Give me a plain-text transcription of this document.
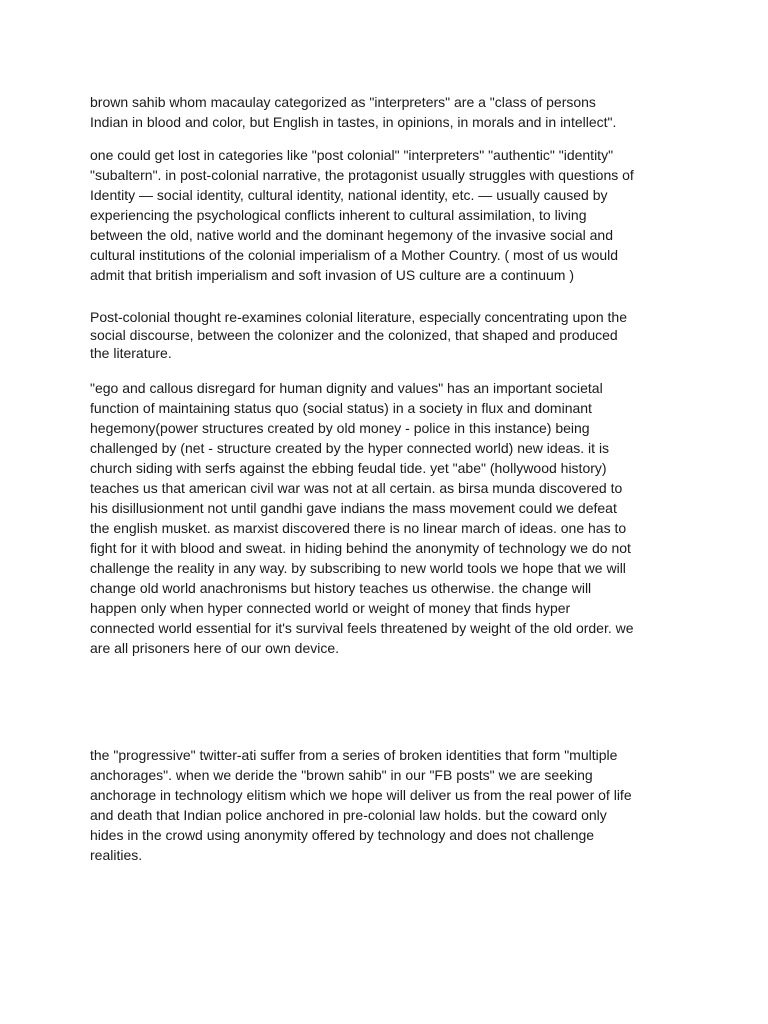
brown sahib whom macaulay categorized as "interpreters" are a "class of persons
Indian in blood and color, but English in tastes, in opinions, in morals and in intellect".

one could get lost in categories like "post colonial" "interpreters" "authentic" "identity"
"subaltern". in post-colonial narrative, the protagonist usually struggles with questions of
Identity — social identity, cultural identity, national identity, etc. — usually caused by
experiencing the psychological conflicts inherent to cultural assimilation, to living
between the old, native world and the dominant hegemony of the invasive social and
cultural institutions of the colonial imperialism of a Mother Country. ( most of us would
admit that british imperialism and soft invasion of US culture are a continuum )

Post-colonial thought re-examines colonial literature, especially concentrating upon the
social discourse, between the colonizer and the colonized, that shaped and produced
the literature.

"ego and callous disregard for human dignity and values" has an important societal
function of maintaining status quo (social status) in a society in flux and dominant
hegemony(power structures created by old money - police in this instance) being
challenged by (net - structure created by the hyper connected world) new ideas. it is
church siding with serfs against the ebbing feudal tide. yet "abe" (hollywood history)
teaches us that american civil war was not at all certain. as birsa munda discovered to
his disillusionment not until gandhi gave indians the mass movement could we defeat
the english musket. as marxist discovered there is no linear march of ideas. one has to
fight for it with blood and sweat. in hiding behind the anonymity of technology we do not
challenge the reality in any way. by subscribing to new world tools we hope that we will
change old world anachronisms but history teaches us otherwise. the change will
happen only when hyper connected world or weight of money that finds hyper
connected world essential for it's survival feels threatened by weight of the old order. we
are all prisoners here of our own device.

the "progressive" twitter-ati suffer from a series of broken identities that form "multiple
anchorages". when we deride the "brown sahib" in our "FB posts" we are seeking
anchorage in technology elitism which we hope will deliver us from the real power of life
and death that Indian police anchored in pre-colonial law holds. but the coward only
hides in the crowd using anonymity offered by technology and does not challenge
realities.
